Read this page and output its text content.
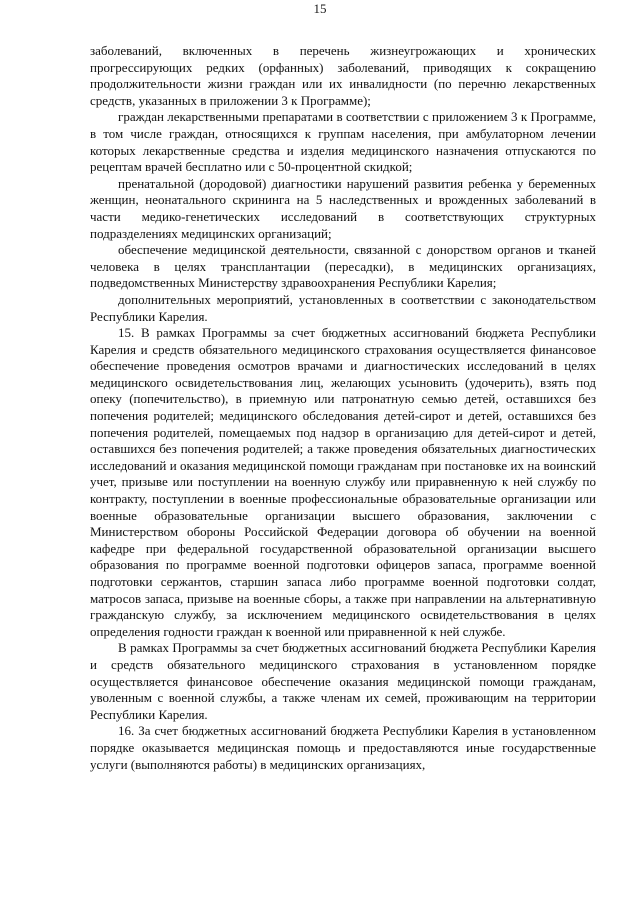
15

заболеваний, включенных в перечень жизнеугрожающих и хронических прогрессирующих редких (орфанных) заболеваний, приводящих к сокращению продолжительности жизни граждан или их инвалидности (по перечню лекарственных средств, указанных в приложении 3 к Программе);

граждан лекарственными препаратами в соответствии с приложением 3 к Программе, в том числе граждан, относящихся к группам населения, при амбулаторном лечении которых лекарственные средства и изделия медицинского назначения отпускаются по рецептам врачей бесплатно или с 50-процентной скидкой;

пренатальной (дородовой) диагностики нарушений развития ребенка у беременных женщин, неонатального скрининга на 5 наследственных и врожденных заболеваний в части медико-генетических исследований в соответствующих структурных подразделениях медицинских организаций;

обеспечение медицинской деятельности, связанной с донорством органов и тканей человека в целях трансплантации (пересадки), в медицинских организациях, подведомственных Министерству здравоохранения Республики Карелия;

дополнительных мероприятий, установленных в соответствии с законодательством Республики Карелия.

15. В рамках Программы за счет бюджетных ассигнований бюджета Республики Карелия и средств обязательного медицинского страхования осуществляется финансовое обеспечение проведения осмотров врачами и диагностических исследований в целях медицинского освидетельствования лиц, желающих усыновить (удочерить), взять под опеку (попечительство), в приемную или патронатную семью детей, оставшихся без попечения родителей; медицинского обследования детей-сирот и детей, оставшихся без попечения родителей, помещаемых под надзор в организацию для детей-сирот и детей, оставшихся без попечения родителей; а также проведения обязательных диагностических исследований и оказания медицинской помощи гражданам при постановке их на воинский учет, призыве или поступлении на военную службу или приравненную к ней службу по контракту, поступлении в военные профессиональные образовательные организации или военные образовательные организации высшего образования, заключении с Министерством обороны Российской Федерации договора об обучении на военной кафедре при федеральной государственной образовательной организации высшего образования по программе военной подготовки офицеров запаса, программе военной подготовки сержантов, старшин запаса либо программе военной подготовки солдат, матросов запаса, призыве на военные сборы, а также при направлении на альтернативную гражданскую службу, за исключением медицинского освидетельствования в целях определения годности граждан к военной или приравненной к ней службе.

В рамках Программы за счет бюджетных ассигнований бюджета Республики Карелия и средств обязательного медицинского страхования в установленном порядке осуществляется финансовое обеспечение оказания медицинской помощи гражданам, уволенным с военной службы, а также членам их семей, проживающим на территории Республики Карелия.

16. За счет бюджетных ассигнований бюджета Республики Карелия в установленном порядке оказывается медицинская помощь и предоставляются иные государственные услуги (выполняются работы) в медицинских организациях,
